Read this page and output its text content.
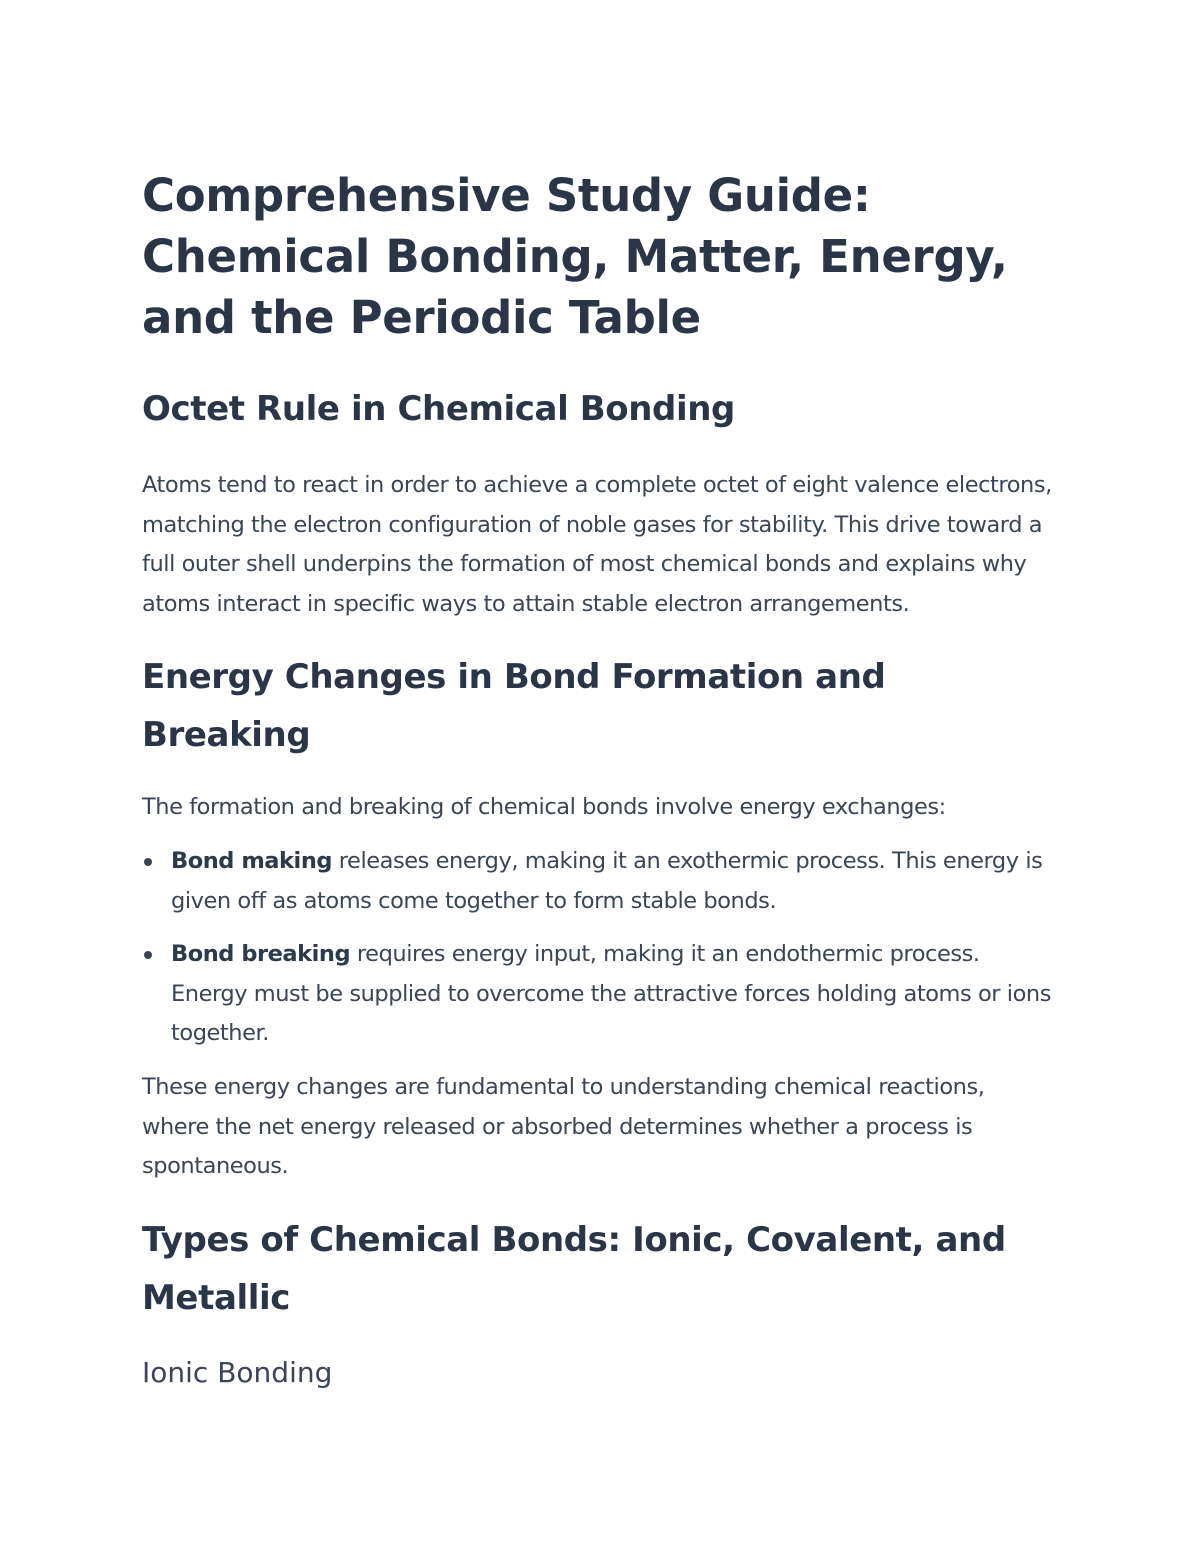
Comprehensive Study Guide: Chemical Bonding, Matter, Energy, and the Periodic Table
Octet Rule in Chemical Bonding

Atoms tend to react in order to achieve a complete octet of eight valence electrons, matching the electron configuration of noble gases for stability. This drive toward a full outer shell underpins the formation of most chemical bonds and explains why atoms interact in specific ways to attain stable electron arrangements.

Energy Changes in Bond Formation and Breaking

The formation and breaking of chemical bonds involve energy exchanges:

Bond making releases energy, making it an exothermic process. This energy is given off as atoms come together to form stable bonds.
Bond breaking requires energy input, making it an endothermic process. Energy must be supplied to overcome the attractive forces holding atoms or ions together.

These energy changes are fundamental to understanding chemical reactions, where the net energy released or absorbed determines whether a process is spontaneous.

Types of Chemical Bonds: Ionic, Covalent, and Metallic
Ionic Bonding
